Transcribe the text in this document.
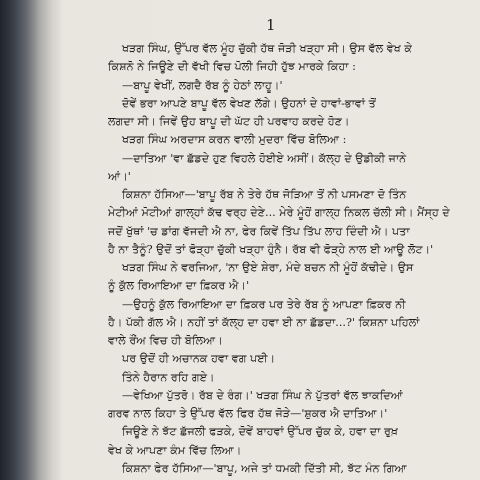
1
ਖੜਗ ਸਿੰਘ, ਉੱਪਰ ਵੱਲ ਮੂੰਹ ਚੁੱਕੀ ਹੱਥ ਜੋੜੀ ਖੜ੍ਹਾ ਸੀ। ਉਸ ਵੱਲ ਵੇਖ ਕੇ
ਕਿਸ਼ਨੋ ਨੇ ਜਿਊਣੇ ਦੀ ਵੱਖੀ ਵਿਚ ਪੋਲੀ ਜਿਹੀ ਹੁੱਝ ਮਾਰਕੇ ਕਿਹਾ :
—ਬਾਪੂ ਵੇਖੀਂ, ਲਗਦੈ ਰੱਬ ਨੂੰ ਹੇਠਾਂ ਲਾਹੂ।'
ਦੋਵੇਂ ਭਰਾ ਆਪਣੇ ਬਾਪੂ ਵੱਲ ਵੇਖਣ ਲੱਗੇ। ਉਹਨਾਂ ਦੇ ਹਾਵਾਂ-ਭਾਵਾਂ ਤੋਂ
ਲਗਦਾ ਸੀ। ਜਿਵੇਂ ਉਹ ਬਾਪੂ ਦੀ ਘੱਟ ਹੀ ਪਰਵਾਹ ਕਰਦੇ ਹੋਣ।
ਖੜਗ ਸਿੰਘ ਅਰਦਾਸ ਕਰਨ ਵਾਲੀ ਮੁਦਰਾ ਵਿੱਚ ਬੋਲਿਆ :
—ਦਾਤਿਆ 'ਵਾ ਛੱਡਦੇ ਹੁਣ ਵਿਹਲੇ ਹੋਈਏ ਅਸੀਂ। ਕੱਲ੍ਹ ਦੇ ਉਡੀਕੀ ਜਾਨੇ
ਆਂ।'
ਕਿਸ਼ਨਾ ਹੱਸਿਆ—'ਬਾਪੂ ਰੱਬ ਨੇ ਤੇਰੇ ਹੱਥ ਜੋੜਿਆ ਤੋਂ ਨੀ ਪਸਮਣਾ ਦੋ ਤਿੰਨ
ਮੇਟੀਆਂ ਮੋਟੀਆਂ ਗਾਲ੍ਹਾਂ ਕੱਢ ਵਰ੍ਹ ਦੇਣੇ... ਮੇਰੇ ਮੂੰਹੋਂ ਗਾਲ੍ਹ ਨਿਕਲ ਚੱਲੀ ਸੀ। ਮੈਂਸ੍ਹ ਦੇ
ਜਦੋਂ ਖੁੱਥਾਂ 'ਚ ਡਾਂਗ ਵੱਜਦੀ ਐ ਨਾ, ਫੇਰ ਕਿਵੇਂ ਤਿੱਪ ਤਿੱਪ ਲਾਹ ਦਿੰਦੀ ਐ। ਪਤਾ
ਹੈ ਨਾ ਤੈਨੂੰ? ਉਦੋਂ ਤਾਂ ਫੋੜ੍ਹਾ ਚੁੱਕੀ ਖੜ੍ਹਾ ਹੁੰਨੈ। ਰੱਬ ਵੀ ਫੋੜ੍ਹੇ ਨਾਲ ਈ ਆਊ ਲੋਟ।'
ਖੜਗ ਸਿੰਘ ਨੇ ਵਰਜਿਆ, 'ਨਾ ਉਏ ਸ਼ੇਰਾ, ਮੰਦੇ ਬਚਨ ਨੀ ਮੂੰਹੋਂ ਕੱਢੀਦੇ। ਉਸ
ਨੂੰ ਕੁੱਲ ਰਿਆਇਆ ਦਾ ਫ਼ਿਕਰ ਐ।'
—ਉਹਨੂੰ ਕੁੱਲ ਰਿਆਇਆ ਦਾ ਫ਼ਿਕਰ ਪਰ ਤੇਰੇ ਰੱਬ ਨੂੰ ਆਪਣਾ ਫ਼ਿਕਰ ਨੀ
ਹੈ। ਪੱਕੀ ਗੱਲ ਐ। ਨਹੀਂ ਤਾਂ ਕੱਲ੍ਹ ਦਾ ਹਵਾ ਈ ਨਾ ਛੱਡਦਾ...?' ਕਿਸ਼ਨਾ ਪਹਿਲਾਂ
ਵਾਲੇ ਰੌਂਅ ਵਿਚ ਹੀ ਬੋਲਿਆ।
ਪਰ ਉਦੋਂ ਹੀ ਅਚਾਨਕ ਹਵਾ ਵਗ ਪਈ।
ਤਿੰਨੇ ਹੈਰਾਨ ਰਹਿ ਗਏ।
—ਵੇਖਿਆ ਪੁੱਤਰੋ। ਰੱਬ ਦੇ ਰੰਗ।' ਖੜਗ ਸਿੰਘ ਨੇ ਪੁੱਤਰਾਂ ਵੱਲ ਝਾਕਦਿਆਂ
ਗਰਵ ਨਾਲ ਕਿਹਾ ਤੇ ਉੱਪਰ ਵੱਲ ਫਿਰ ਹੱਥ ਜੋੜੇ—'ਸ਼ੁਕਰ ਐ ਦਾਤਿਆ।'
ਜਿਊਣੇ ਨੇ ਝੱਟ ਛੱਜਲੀ ਫੜਕੇ, ਦੋਵੇਂ ਬਾਹਵਾਂ ਉੱਪਰ ਚੁੱਕ ਕੇ, ਹਵਾ ਦਾ ਰੁਖ਼
ਵੇਖ ਕੇ ਆਪਣਾ ਕੰਮ ਵਿੱਚ ਲਿਆ।
ਕਿਸ਼ਨਾ ਫੇਰ ਹੱਸਿਆ—'ਬਾਪੂ, ਅਜੇ ਤਾਂ ਧਮਕੀ ਦਿੱਤੀ ਸੀ, ਝੱਟ ਮੰਨ ਗਿਆ
